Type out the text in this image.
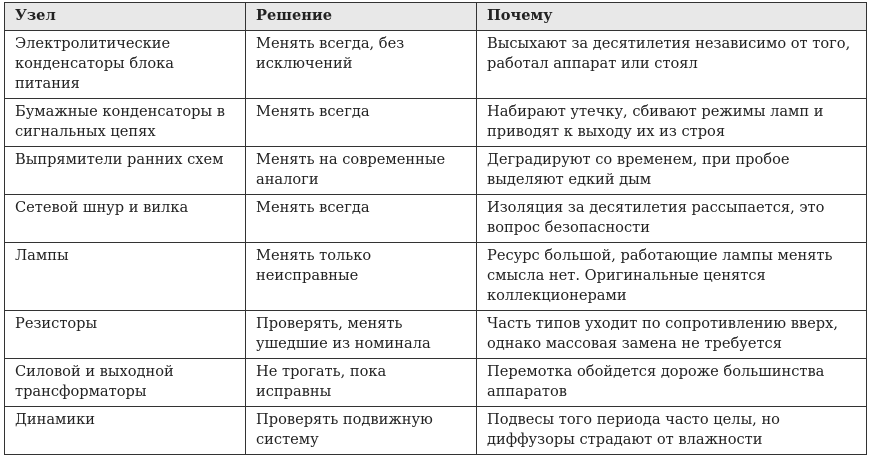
Узел	Решение	Почему
Электролитические конденсаторы блока питания	Менять всегда, без исключений	Высыхают за десятилетия независимо от того, работал аппарат или стоял
Бумажные конденсаторы в сигнальных цепях	Менять всегда	Набирают утечку, сбивают режимы ламп и приводят к выходу их из строя
Выпрямители ранних схем	Менять на современные аналоги	Деградируют со временем, при пробое выделяют едкий дым
Сетевой шнур и вилка	Менять всегда	Изоляция за десятилетия рассыпается, это вопрос безопасности
Лампы	Менять только неисправные	Ресурс большой, работающие лампы менять смысла нет. Оригинальные ценятся коллекционерами
Резисторы	Проверять, менять ушедшие из номинала	Часть типов уходит по сопротивлению вверх, однако массовая замена не требуется
Силовой и выходной трансформаторы	Не трогать, пока исправны	Перемотка обойдется дороже большинства аппаратов
Динамики	Проверять подвижную систему	Подвесы того периода часто целы, но диффузоры страдают от влажности
